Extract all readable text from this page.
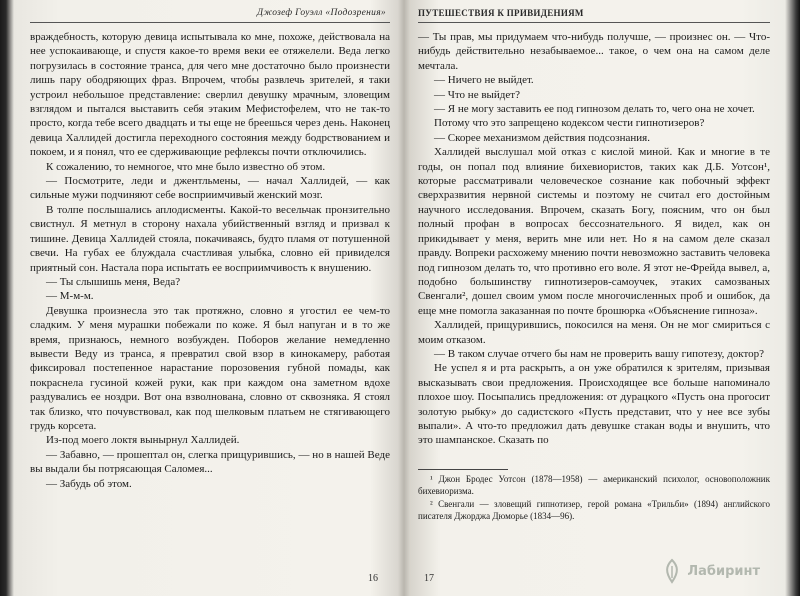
Джозеф Гоуэлл «Подозрения»

враждебность, которую девица испытывала ко мне, похоже, действовала на нее успокаивающе, и спустя какое-то время веки ее отяжелели. Веда легко погрузилась в состояние транса, для чего мне достаточно было произнести лишь пару ободряющих фраз. Впрочем, чтобы развлечь зрителей, я таки устроил небольшое представление: сверлил девушку мрачным, зловещим взглядом и пытался выставить себя этаким Мефистофелем, что не так-то просто, когда тебе всего двадцать и ты еще не бреешься через день. Наконец девица Халлидей достигла переходного состояния между бодрствованием и покоем, и я понял, что ее сдерживающие рефлексы почти отключились.

К сожалению, то немногое, что мне было известно об этом.

— Посмотрите, леди и джентльмены, — начал Халлидей, — как сильные мужи подчиняют себе восприимчивый женский мозг.

В толпе послышались аплодисменты. Какой-то весельчак пронзительно свистнул. Я метнул в сторону нахала убийственный взгляд и призвал к тишине. Девица Халлидей стояла, покачиваясь, будто пламя от потушенной свечи. На губах ее блуждала счастливая улыбка, словно ей привиделся приятный сон. Настала пора испытать ее восприимчивость к внушению.

— Ты слышишь меня, Веда?

— М-м-м.

Девушка произнесла это так протяжно, словно я угостил ее чем-то сладким. У меня мурашки побежали по коже. Я был напуган и в то же время, признаюсь, немного возбужден. Поборов желание немедленно вывести Веду из транса, я превратил свой взор в кинокамеру, работая фиксировал постепенное нарастание порозовения губной помады, как покраснела гусиной кожей руки, как при каждом она заметном вдохе раздувались ее ноздри. Вот она взволнована, словно от сквозняка. Я стоял так близко, что почувствовал, как под шелковым платьем не стягивающего грудь корсета.

Из-под моего локтя вынырнул Халлидей.

— Забавно, — прошептал он, слегка прищурившись, — но в нашей Веде вы выдали бы потрясающая Саломея...

— Забудь об этом.

16
ПУТЕШЕСТВИЯ К ПРИВИДЕНИЯМ

— Ты прав, мы придумаем что-нибудь получше, — произнес он. — Что-нибудь действительно незабываемое... такое, о чем она на самом деле мечтала.

— Ничего не выйдет.

— Что не выйдет?

— Я не могу заставить ее под гипнозом делать то, чего она не хочет.

Потому что это запрещено кодексом чести гипнотизеров?

— Скорее механизмом действия подсознания.

Халлидей выслушал мой отказ с кислой миной. Как и многие в те годы, он попал под влияние бихевиористов, таких как Д.Б. Уотсон¹, которые рассматривали человеческое сознание как побочный эффект сверхразвития нервной системы и поэтому не считал его достойным научного исследования. Впрочем, сказать Богу, поясним, что он был полный профан в вопросах бессознательного. Я видел, как он прикидывает у меня, верить мне или нет. Но я на самом деле сказал правду. Вопреки расхожему мнению почти невозможно заставить человека под гипнозом делать то, что противно его воле. Я этот не-Фрейда вывел, а, подобно большинству гипнотизеров-самоучек, этаких самозваных Свенгали², дошел своим умом после многочисленных проб и ошибок, да еще мне помогла заказанная по почте брошюрка «Объяснение гипноза».

Халлидей, прищурившись, покосился на меня. Он не мог смириться с моим отказом.

— В таком случае отчего бы нам не проверить вашу гипотезу, доктор?

Не успел я и рта раскрыть, а он уже обратился к зрителям, призывая высказывать свои предложения. Происходящее все больше напоминало плохое шоу. Посыпались предложения: от дурацкого «Пусть она прогоcит золотую рыбку» до садистского «Пусть представит, что у нее все зубы выпали». А что-то предложил дать девушке стакан воды и внушить, что это шампанское. Сказать по

¹ Джон Бродес Уотсон (1878—1958) — американский психолог, основоположник бихевиоризма.

² Свенгали — зловещий гипнотизер, герой романа «Трильби» (1894) английского писателя Джорджа Дюморье (1834—96).

17	Лабиринт
